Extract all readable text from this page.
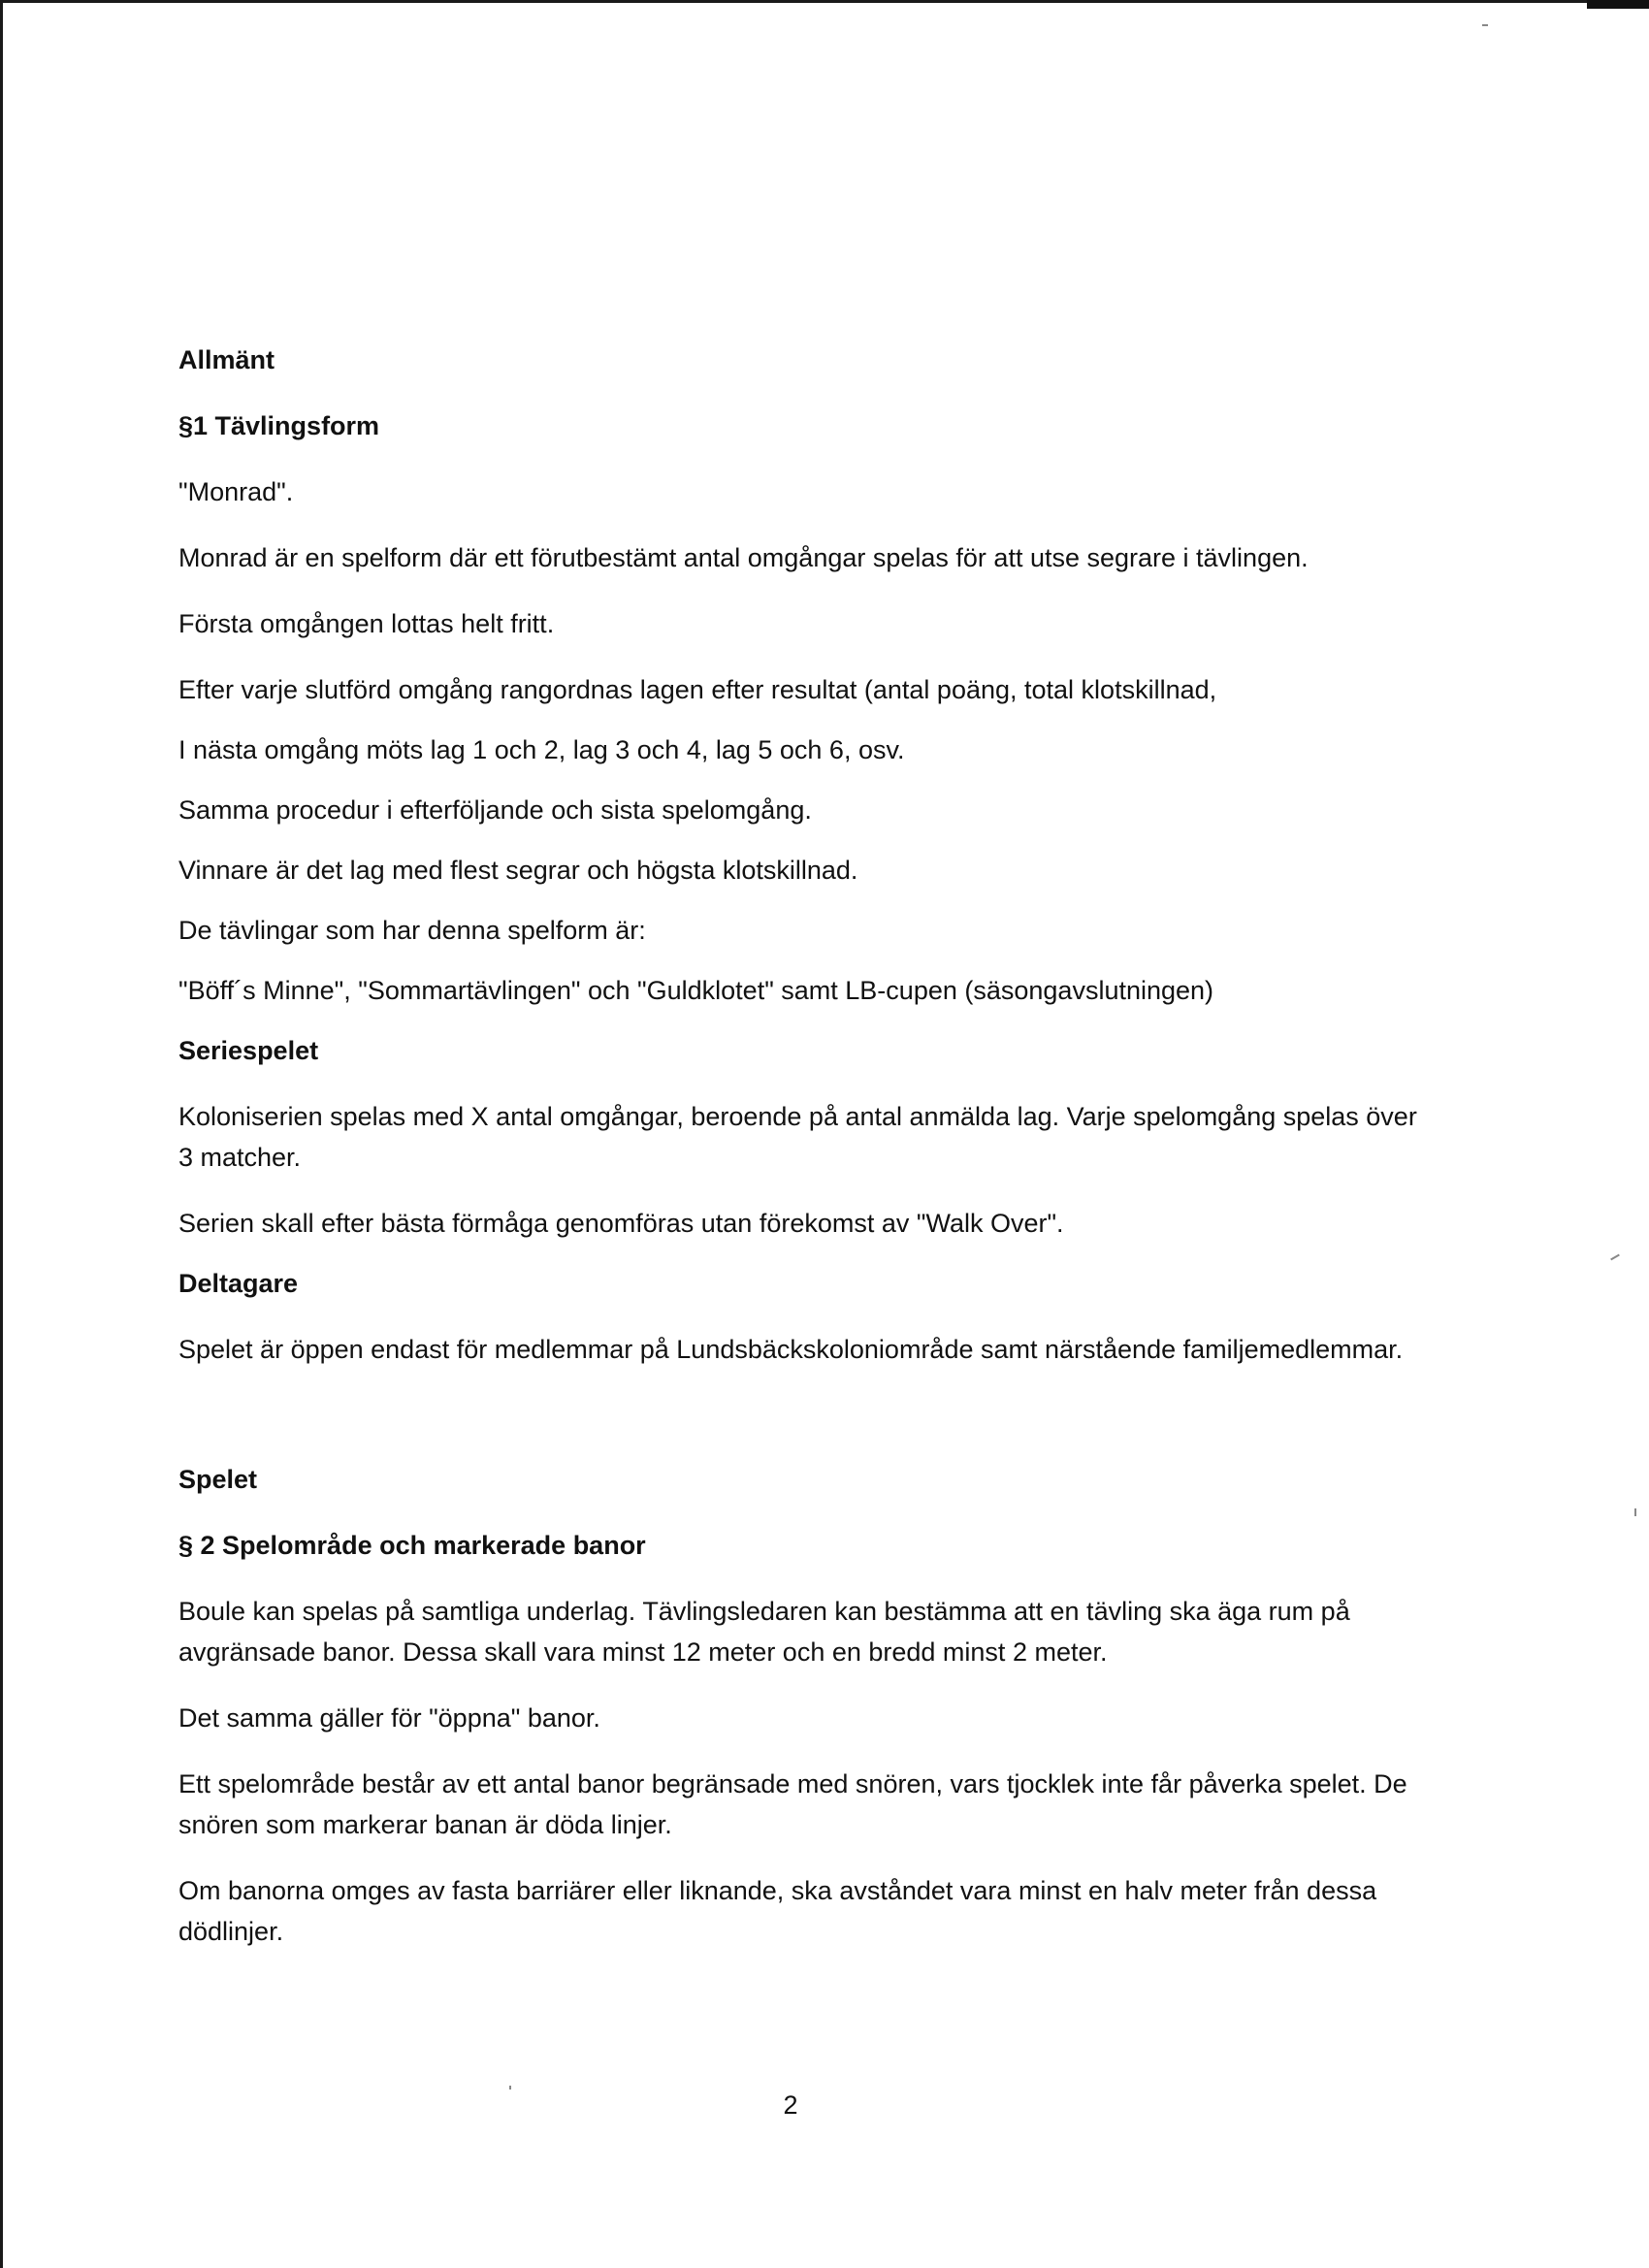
Allmänt
§1 Tävlingsform

"Monrad".

Monrad är en spelform där ett förutbestämt antal omgångar spelas för att utse segrare i tävlingen.

Första omgången lottas helt fritt.

Efter varje slutförd omgång rangordnas lagen efter resultat (antal poäng, total klotskillnad,

I nästa omgång möts lag 1 och 2, lag 3 och 4, lag 5 och 6, osv.

Samma procedur i efterföljande och sista spelomgång.

Vinnare är det lag med flest segrar och högsta klotskillnad.

De tävlingar som har denna spelform är:

"Böff´s Minne", "Sommartävlingen" och "Guldklotet" samt LB-cupen (säsongavslutningen)

Seriespelet

Koloniserien spelas med X antal omgångar, beroende på antal anmälda lag. Varje spelomgång spelas över 3 matcher.

Serien skall efter bästa förmåga genomföras utan förekomst av "Walk Over".

Deltagare

Spelet är öppen endast för medlemmar på Lundsbäckskoloniområde samt närstående familjemedlemmar.

Spelet
§ 2 Spelområde och markerade banor

Boule kan spelas på samtliga underlag. Tävlingsledaren kan bestämma att en tävling ska äga rum på avgränsade banor. Dessa skall vara minst 12 meter och en bredd minst 2 meter.

Det samma gäller för "öppna" banor.

Ett spelområde består av ett antal banor begränsade med snören, vars tjocklek inte får påverka spelet. De snören som markerar banan är döda linjer.

Om banorna omges av fasta barriärer eller liknande, ska avståndet vara minst en halv meter från dessa dödlinjer.

2
